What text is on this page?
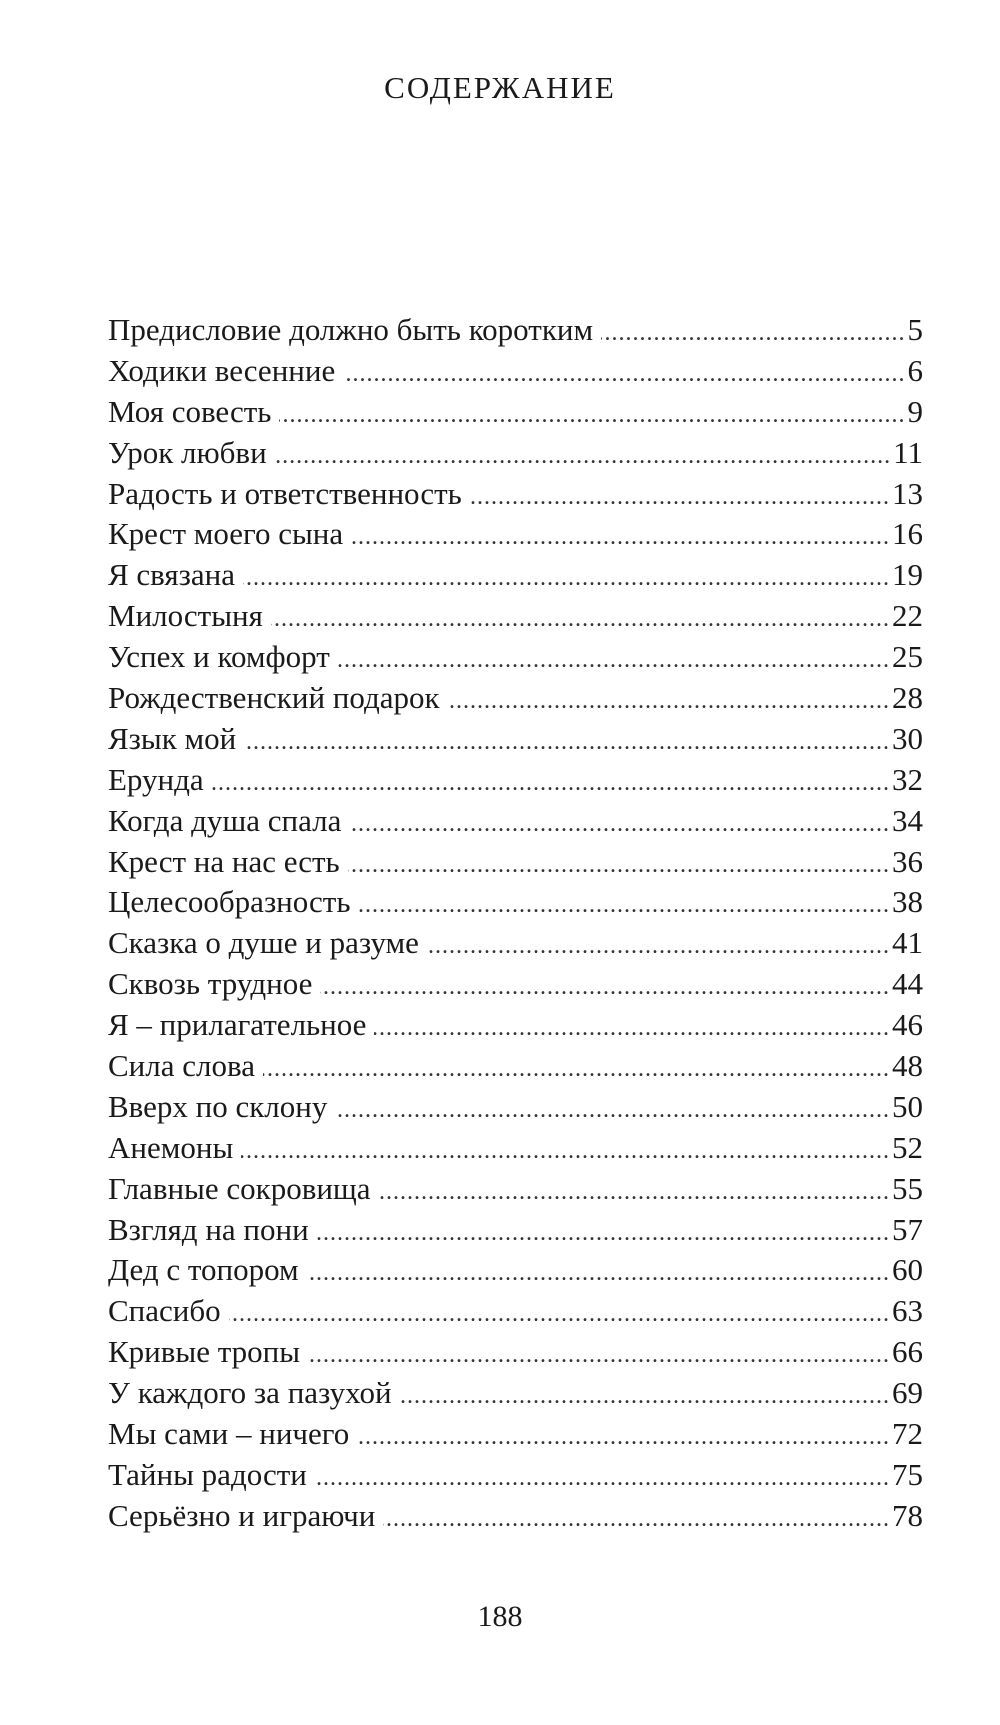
СОДЕРЖАНИЕ
Предисловие должно быть коротким .....	5
Ходики весенние .....	6
Моя совесть .....	9
Урок любви .....	11
Радость и ответственность .....	13
Крест моего сына .....	16
Я связана .....	19
Милостыня .....	22
Успех и комфорт .....	25
Рождественский подарок .....	28
Язык мой .....	30
Ерунда .....	32
Когда душа спала .....	34
Крест на нас есть .....	36
Целесообразность .....	38
Сказка о душе и разуме .....	41
Сквозь трудное .....	44
Я – прилагательное .....	46
Сила слова .....	48
Вверх по склону .....	50
Анемоны .....	52
Главные сокровища .....	55
Взгляд на пони .....	57
Дед с топором .....	60
Спасибо .....	63
Кривые тропы .....	66
У каждого за пазухой .....	69
Мы сами – ничего .....	72
Тайны радости .....	75
Серьёзно и играючи .....	78
188
